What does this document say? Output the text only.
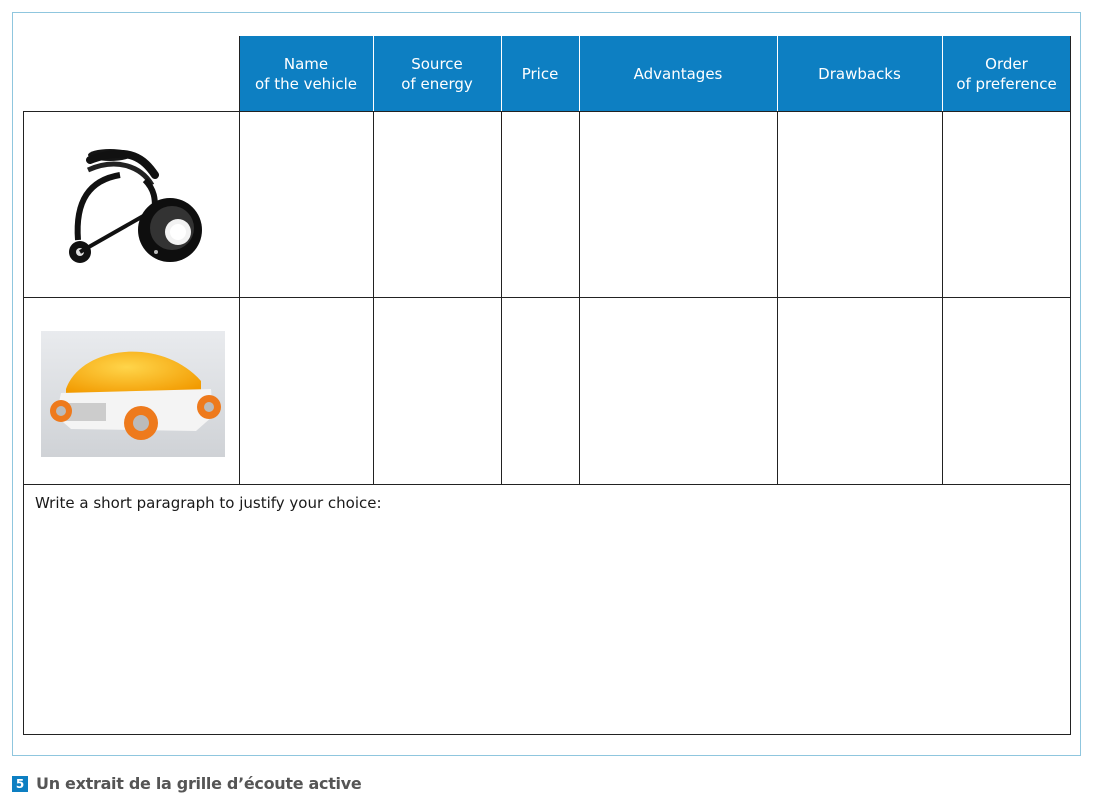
Name
of the vehicle
Source
of energy
Price	Advantages	Drawbacks
Order
of preference
Write a short paragraph to justify your choice:
5 Un extrait de la grille d’écoute active
